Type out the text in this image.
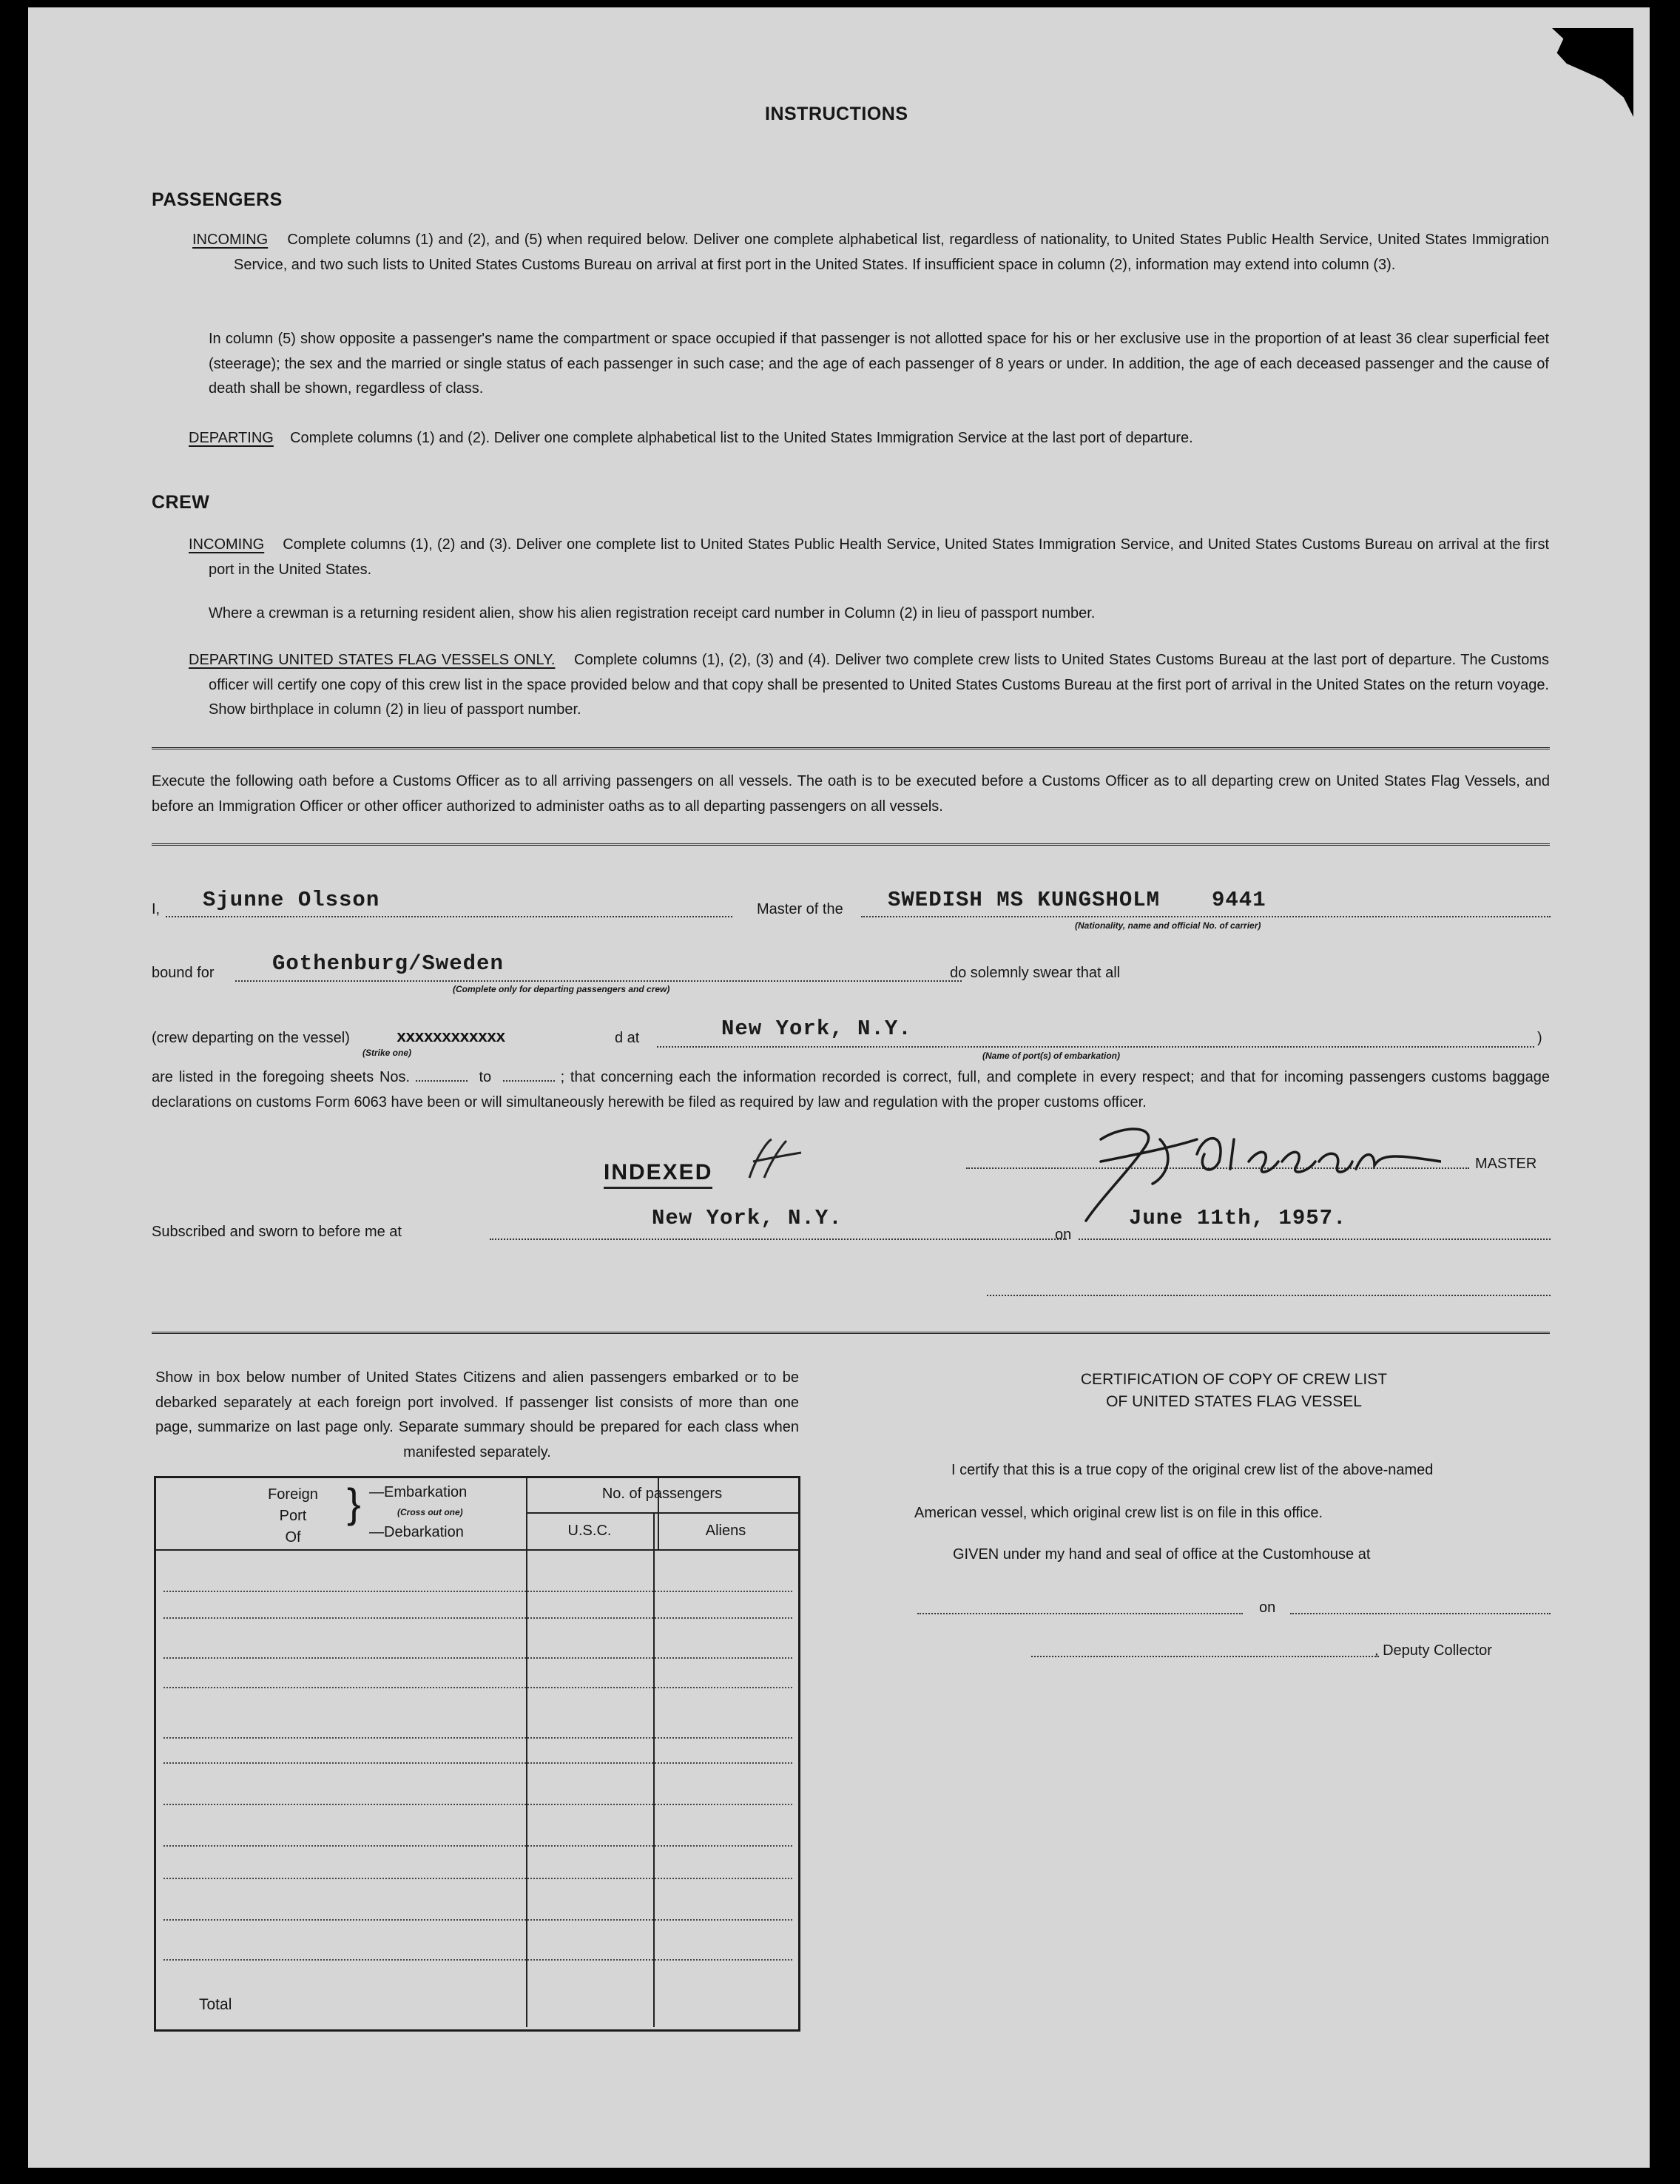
INSTRUCTIONS
PASSENGERS
INCOMING Complete columns (1) and (2), and (5) when required below. Deliver one complete alphabetical list, regardless of nationality, to United States Public Health Service, United States Immigration Service, and two such lists to United States Customs Bureau on arrival at first port in the United States. If insufficient space in column (2), information may extend into column (3).
In column (5) show opposite a passenger's name the compartment or space occupied if that passenger is not allotted space for his or her exclusive use in the proportion of at least 36 clear superficial feet (steerage); the sex and the married or single status of each passenger in such case; and the age of each passenger of 8 years or under. In addition, the age of each deceased passenger and the cause of death shall be shown, regardless of class.
DEPARTING Complete columns (1) and (2). Deliver one complete alphabetical list to the United States Immigration Service at the last port of departure.
CREW
INCOMING Complete columns (1), (2) and (3). Deliver one complete list to United States Public Health Service, United States Immigration Service, and United States Customs Bureau on arrival at the first port in the United States.
Where a crewman is a returning resident alien, show his alien registration receipt card number in Column (2) in lieu of passport number.
DEPARTING UNITED STATES FLAG VESSELS ONLY. Complete columns (1), (2), (3) and (4). Deliver two complete crew lists to United States Customs Bureau at the last port of departure. The Customs officer will certify one copy of this crew list in the space provided below and that copy shall be presented to United States Customs Bureau at the first port of arrival in the United States on the return voyage. Show birthplace in column (2) in lieu of passport number.
Execute the following oath before a Customs Officer as to all arriving passengers on all vessels. The oath is to be executed before a Customs Officer as to all departing crew on United States Flag Vessels, and before an Immigration Officer or other officer authorized to administer oaths as to all departing passengers on all vessels.
I, Sjunne Olsson	Master of the SWEDISH MS KUNGSHOLM 9441
(Nationality, name and official No. of carrier)
bound for	Gothenburg/Sweden
(Complete only for departing passengers and crew)
do solemnly swear that all
(crew departing on the vessel)	xxxxxxxxxxxx	d at
(Strike one)
New York, N.Y.
(Name of port(s) of embarkation)
)
are listed in the foregoing sheets Nos.	to	; that concerning each the information recorded is correct, full, and complete in every respect; and that for incoming passengers customs baggage declarations on customs Form 6063 have been or will simultaneously herewith be filed as required by law and regulation with the proper customs officer.
INDEXED	MASTER
Subscribed and sworn to before me at
New York, N.Y.
on
June 11th, 1957.
Show in box below number of United States Citizens and alien passengers embarked or to be debarked separately at each foreign port involved. If passenger list consists of more than one page, summarize on last page only. Separate summary should be prepared for each class when manifested separately.
Foreign
Port
Of
} —Embarkation
(Cross out one)
—Debarkation
No. of passengers
U.S.C.	Aliens
Total
CERTIFICATION OF COPY OF CREW LIST
OF UNITED STATES FLAG VESSEL
I certify that this is a true copy of the original crew list of the above-named
American vessel, which original crew list is on file in this office.
GIVEN under my hand and seal of office at the Customhouse at
on
, Deputy Collector
